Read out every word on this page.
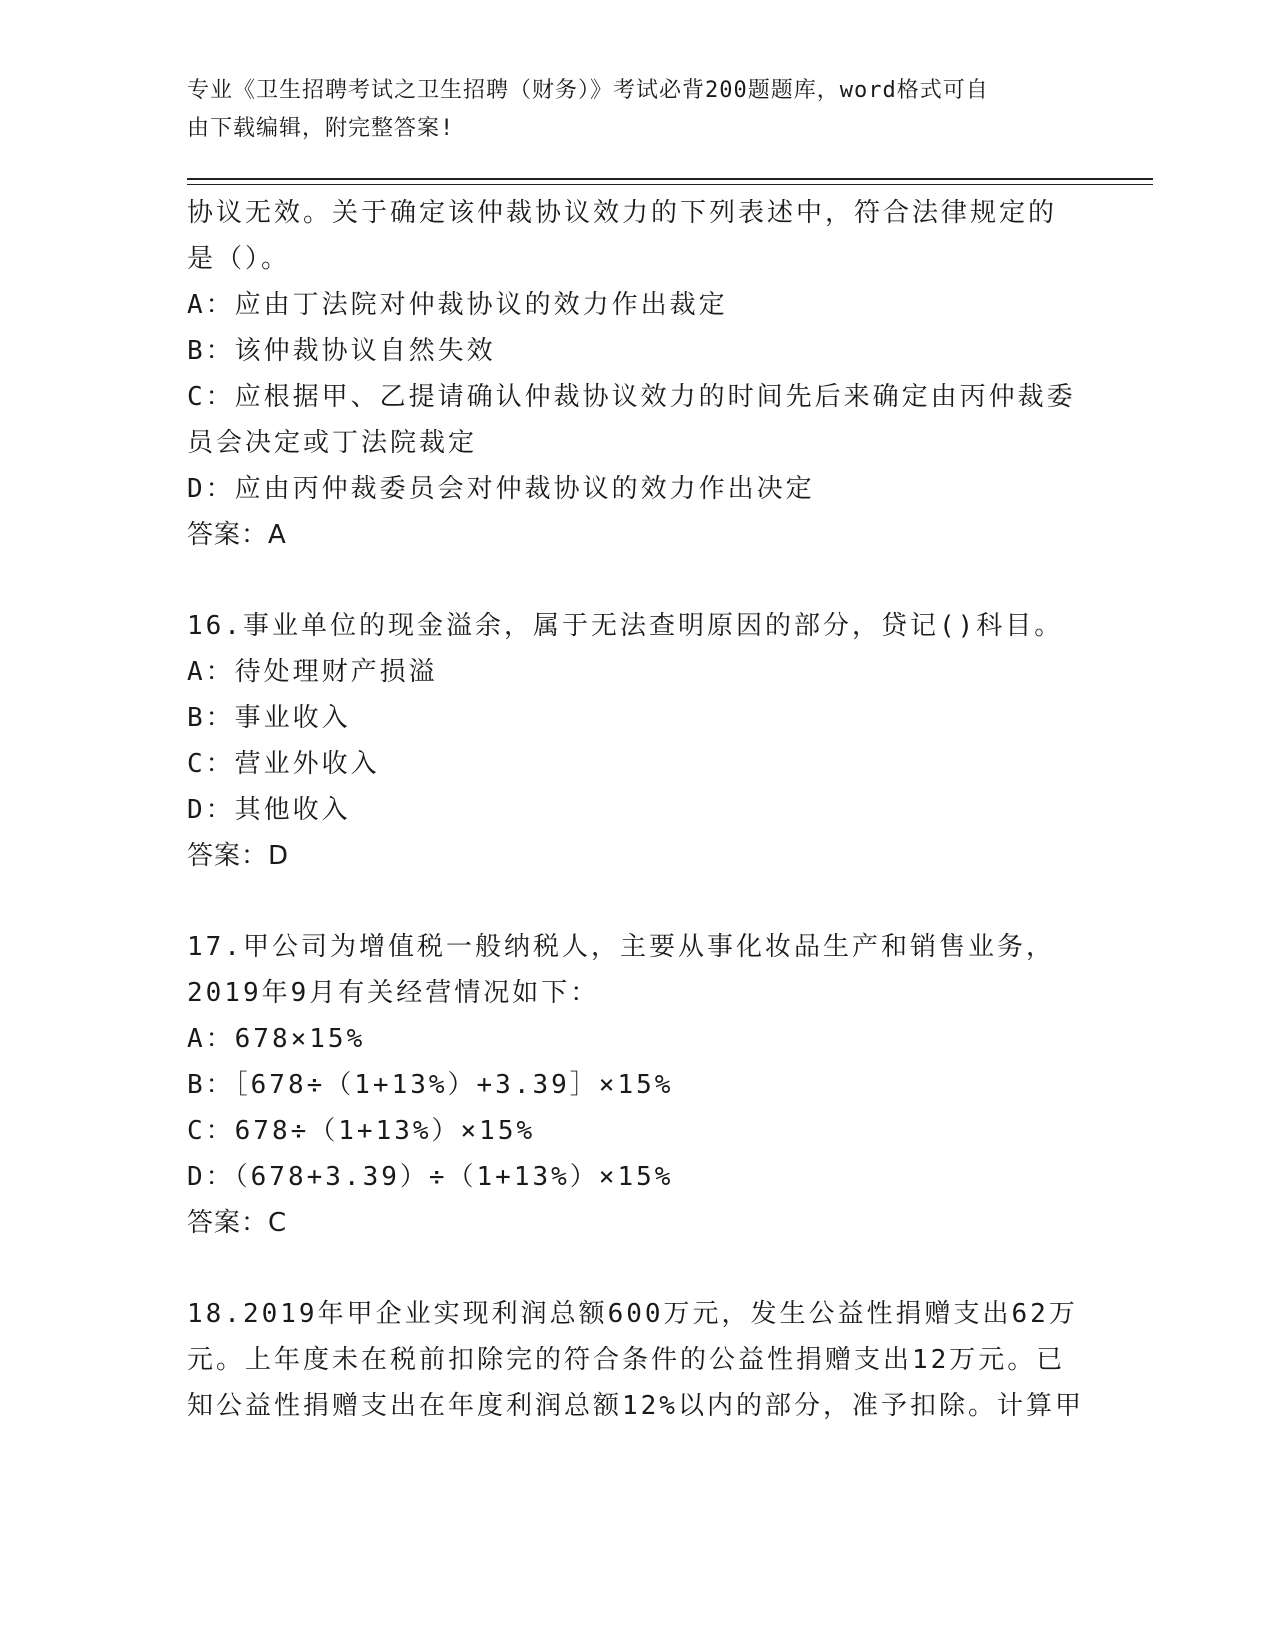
专业《卫生招聘考试之卫生招聘（财务）》考试必背200题题库，word格式可自
由下载编辑，附完整答案!
协议无效。关于确定该仲裁协议效力的下列表述中，符合法律规定的
是（）。
A：应由丁法院对仲裁协议的效力作出裁定
B：该仲裁协议自然失效
C：应根据甲、乙提请确认仲裁协议效力的时间先后来确定由丙仲裁委
员会决定或丁法院裁定
D：应由丙仲裁委员会对仲裁协议的效力作出决定
答案：A
16.事业单位的现金溢余，属于无法查明原因的部分，贷记()科目。
A：待处理财产损溢
B：事业收入
C：营业外收入
D：其他收入
答案：D
17.甲公司为增值税一般纳税人，主要从事化妆品生产和销售业务，
2019年9月有关经营情况如下：
A：678×15%
B：［678÷（1+13%）+3.39］×15%
C：678÷（1+13%）×15%
D：（678+3.39）÷（1+13%）×15%
答案：C
18.2019年甲企业实现利润总额600万元，发生公益性捐赠支出62万
元。上年度未在税前扣除完的符合条件的公益性捐赠支出12万元。已
知公益性捐赠支出在年度利润总额12%以内的部分，准予扣除。计算甲
